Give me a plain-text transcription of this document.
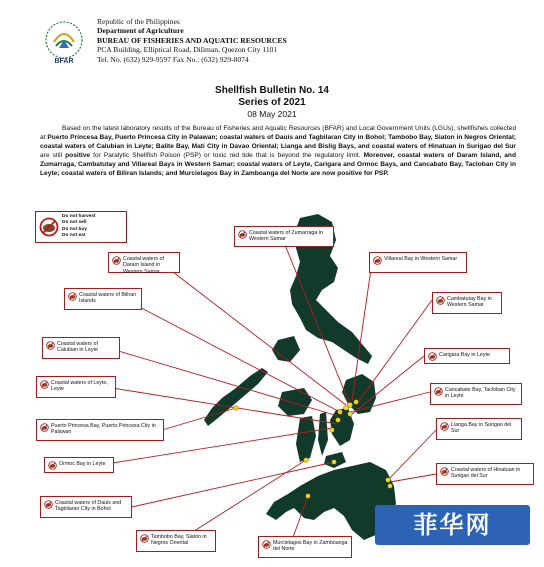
BFAR
Republic of the Philippines
Department of Agriculture
BUREAU OF FISHERIES AND AQUATIC RESOURCES
PCA Building, Elliptical Road, Diliman, Quezon City 1101
Tel. No. (632) 929-9597 Fax No.: (632) 929-8074
Shellfish Bulletin No. 14
Series of 2021
08 May 2021
Based on the latest laboratory results of the Bureau of Fisheries and Aquatic Resources (BFAR) and Local Government Units (LGUs), shellfishes collected at Puerto Princesa Bay, Puerto Princesa City in Palawan; coastal waters of Dauis and Tagbilaran City in Bohol; Tambobo Bay, Siaton in Negros Oriental; coastal waters of Calubian in Leyte; Balite Bay, Mati City in Davao Oriental; Lianga and Bislig Bays, and coastal waters of Hinatuan in Surigao del Sur are still positive for Paralytic Shellfish Poison (PSP) or toxic red tide that is beyond the regulatory limit. Moreover, coastal waters of Daram Island, and Zumarraga, Cambatutay and Villareal Bays in Western Samar; coastal waters of Leyte, Carigara and Ormoc Bays, and Cancabato Bay, Tacloban City in Leyte; coastal waters of Biliran Islands; and Murcielagos Bay in Zamboanga del Norte are now positive for PSP.
Do not harvest
Do not sell
Do not buy
Do not eat	Coastal waters of Zumarraga in Western Samar
Coastal waters of Daram Island in Western Samar
Villareal Bay in Western Samar
Coastal waters of Biliran Islands	Cambatutay Bay in Western Samar
Coastal waters of Calubian in Leyte
Carigara Bay in Leyte
Coastal waters of Leyte, Leyte	Cancabato Bay, Tacloban City in Leyte
Puerto Princesa Bay, Puerto Princesa City in Palawan
Lianga Bay in Surigao del Sur
Ormoc Bay in Leyte
Coastal waters of Hinatuan in Surigao del Sur
Coastal waters of Dauis and Tagbilaran City in Bohol
Tambobo Bay, Siaton in Negros Oriental	Murcielagos Bay in Zamboanga del Norte
菲华网
